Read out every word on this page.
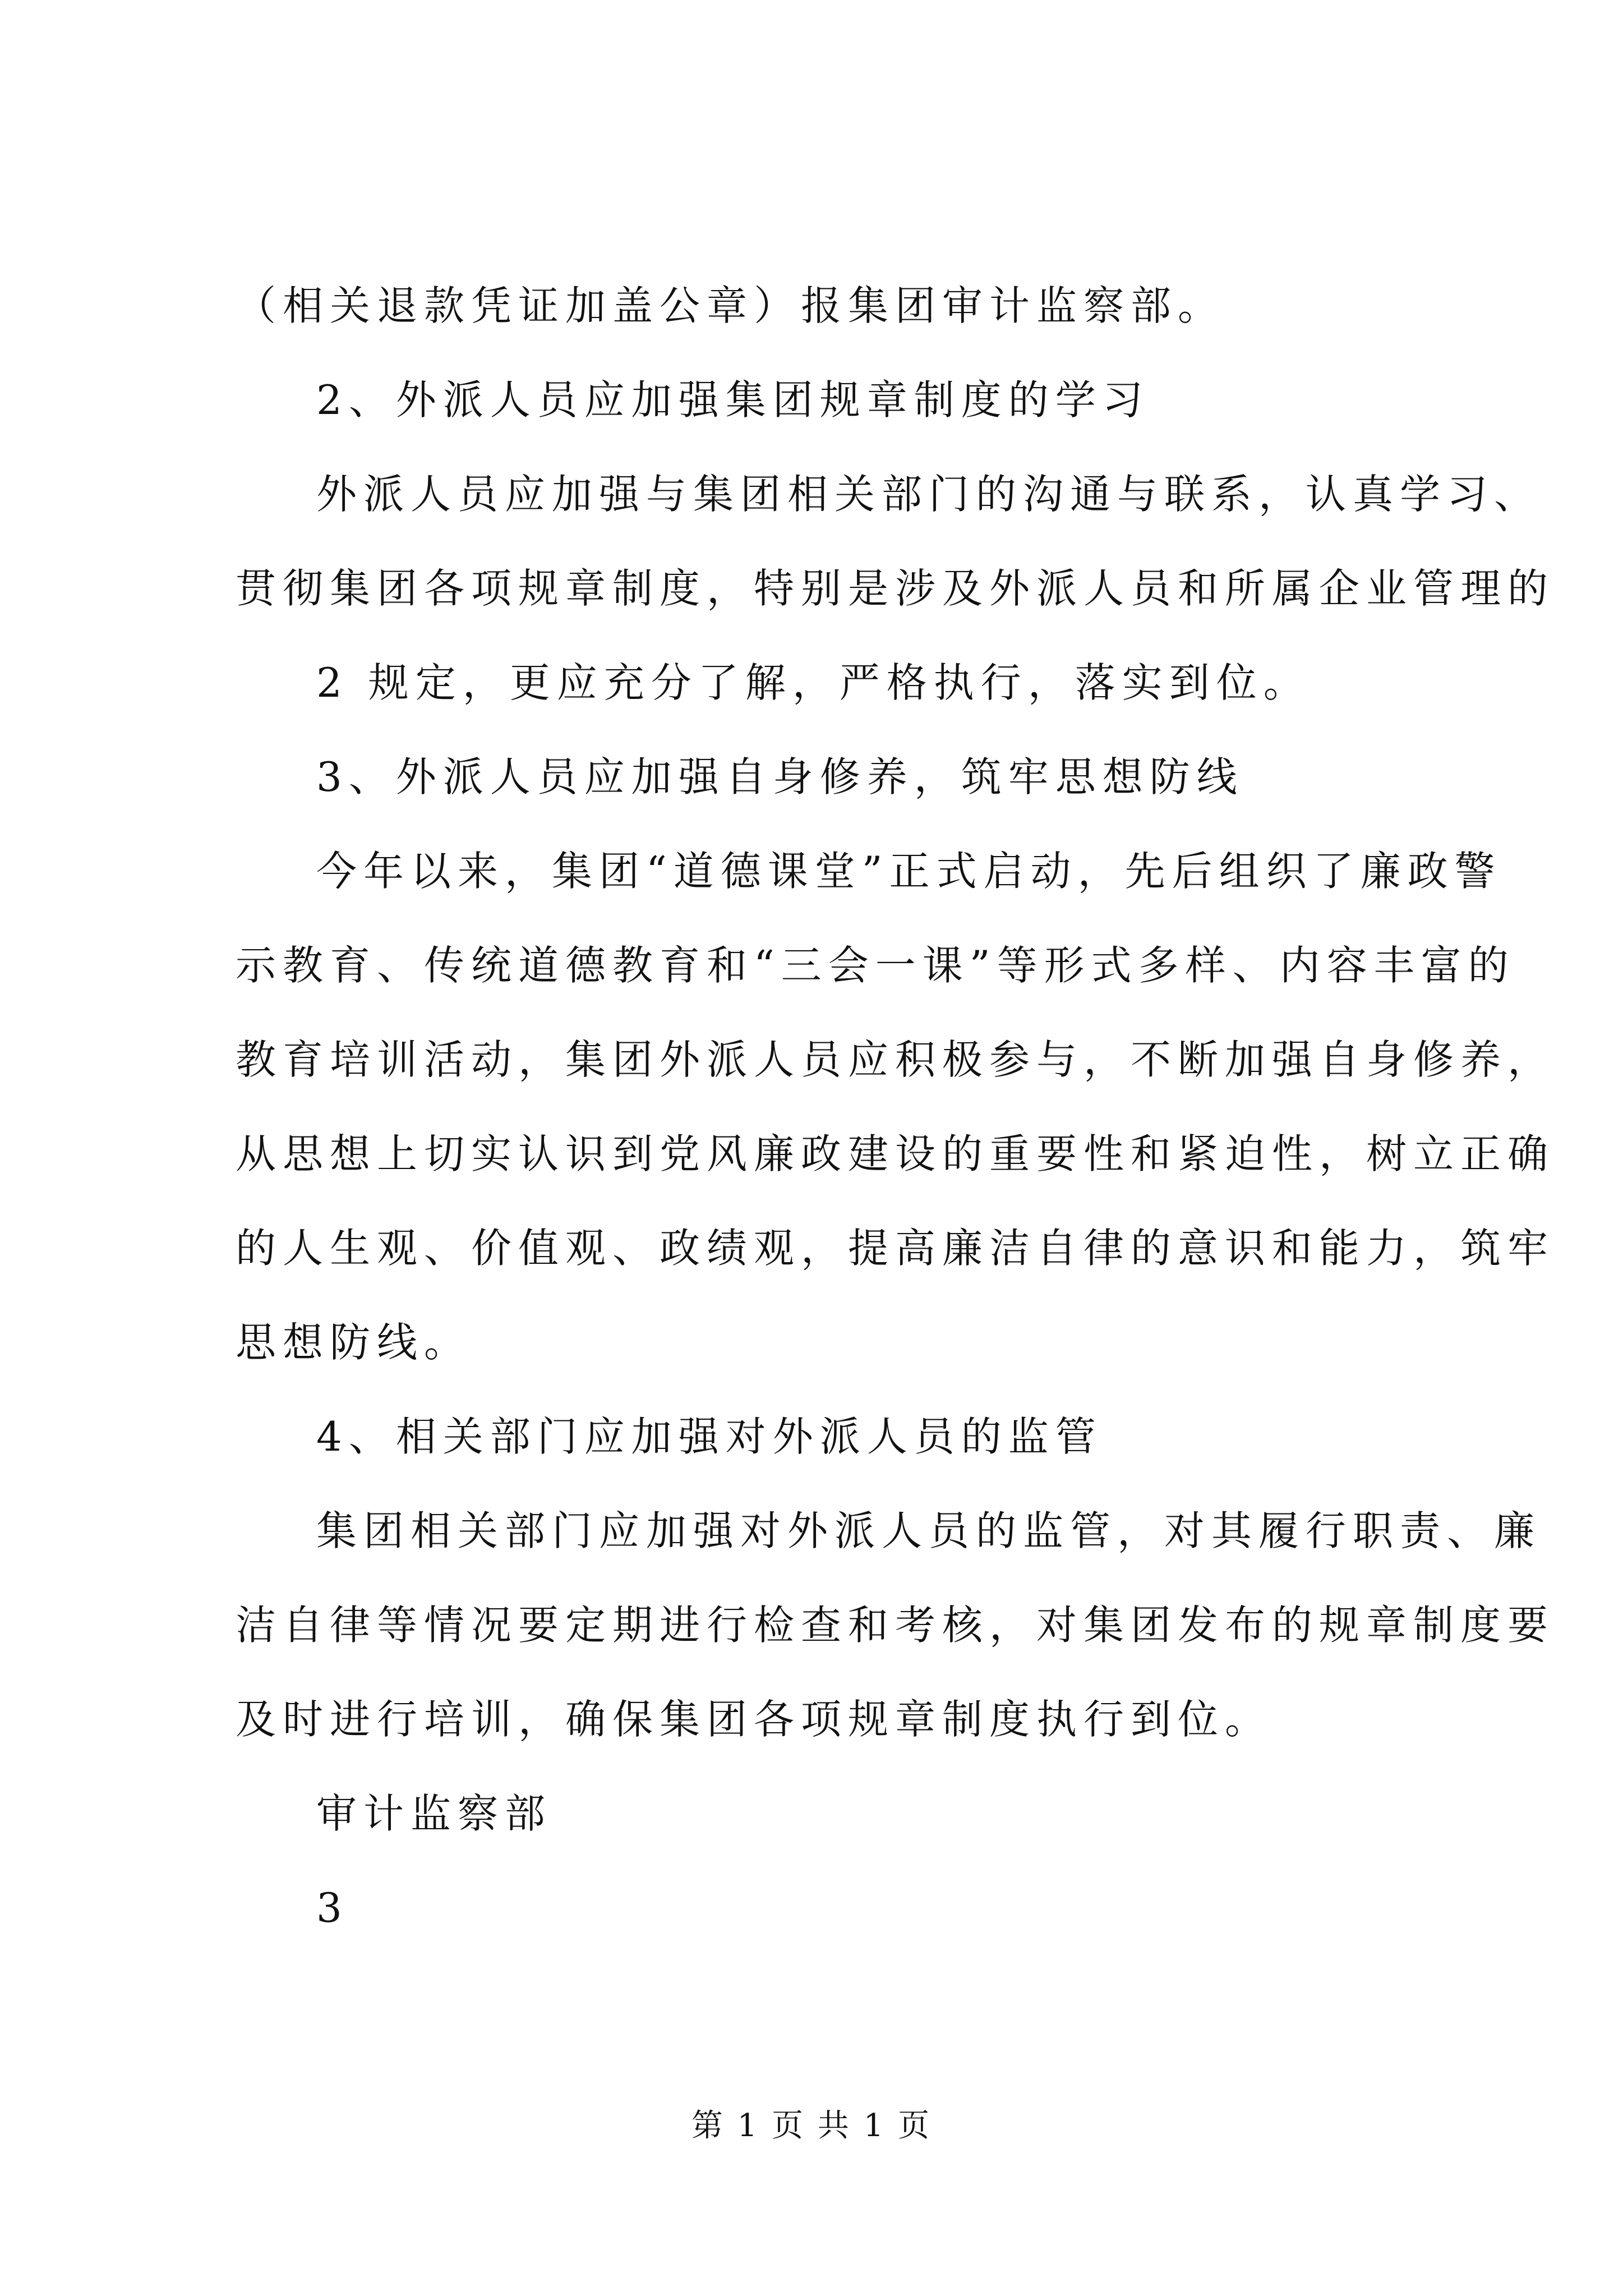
（相关退款凭证加盖公章）报集团审计监察部。
2、外派人员应加强集团规章制度的学习
外派人员应加强与集团相关部门的沟通与联系，认真学习、
贯彻集团各项规章制度，特别是涉及外派人员和所属企业管理的
2 规定，更应充分了解，严格执行，落实到位。
3、外派人员应加强自身修养，筑牢思想防线
今年以来，集团“道德课堂”正式启动，先后组织了廉政警
示教育、传统道德教育和“三会一课”等形式多样、内容丰富的
教育培训活动，集团外派人员应积极参与，不断加强自身修养，
从思想上切实认识到党风廉政建设的重要性和紧迫性，树立正确
的人生观、价值观、政绩观，提高廉洁自律的意识和能力，筑牢
思想防线。
4、相关部门应加强对外派人员的监管
集团相关部门应加强对外派人员的监管，对其履行职责、廉
洁自律等情况要定期进行检查和考核，对集团发布的规章制度要
及时进行培训，确保集团各项规章制度执行到位。
审计监察部
3
第 1 页 共 1 页
